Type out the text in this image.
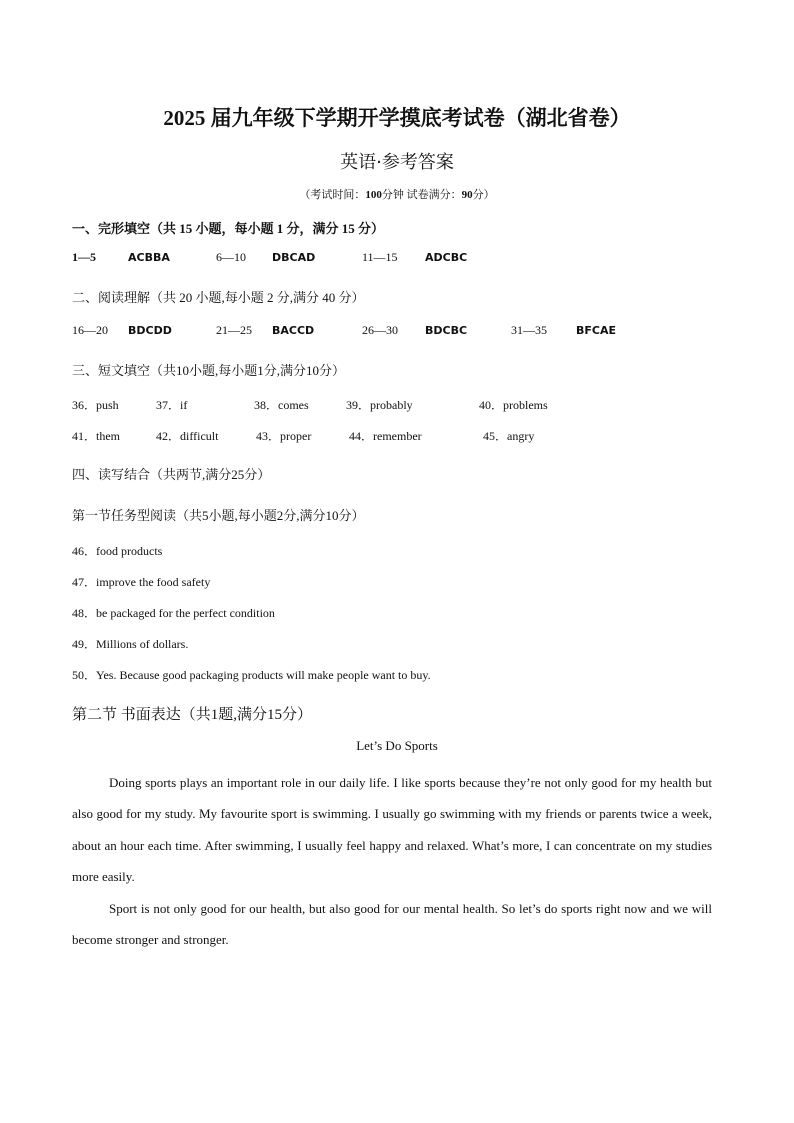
2025 届九年级下学期开学摸底考试卷（湖北省卷）
英语·参考答案
（考试时间：100分钟 试卷满分：90分）
一、完形填空（共 15 小题，每小题 1 分，满分 15 分）
1—5	ACBBA	6—10 DBCAD	11—15 ADCBC
二、阅读理解（共 20 小题,每小题 2 分,满分 40 分）
16—20 BDCDD	21—25 BACCD	26—30 BDCBC	31—35	BFCAE
三、短文填空（共10小题,每小题1分,满分10分）
36．push	37．if	38．comes	39．probably	40．problems
41．them	42．difficult	43．proper	44．remember	45．angry
四、读写结合（共两节,满分25分）
第一节任务型阅读（共5小题,每小题2分,满分10分）
46．food products
47．improve the food safety
48．be packaged for the perfect condition
49．Millions of dollars.
50．Yes. Because good packaging products will make people want to buy.
第二节 书面表达（共1题,满分15分）
Let’s Do Sports

Doing sports plays an important role in our daily life. I like sports because they’re not only good for my health but also good for my study. My favourite sport is swimming. I usually go swimming with my friends or parents twice a week, about an hour each time. After swimming, I usually feel happy and relaxed. What’s more, I can concentrate on my studies more easily.

Sport is not only good for our health, but also good for our mental health. So let’s do sports right now and we will become stronger and stronger.
